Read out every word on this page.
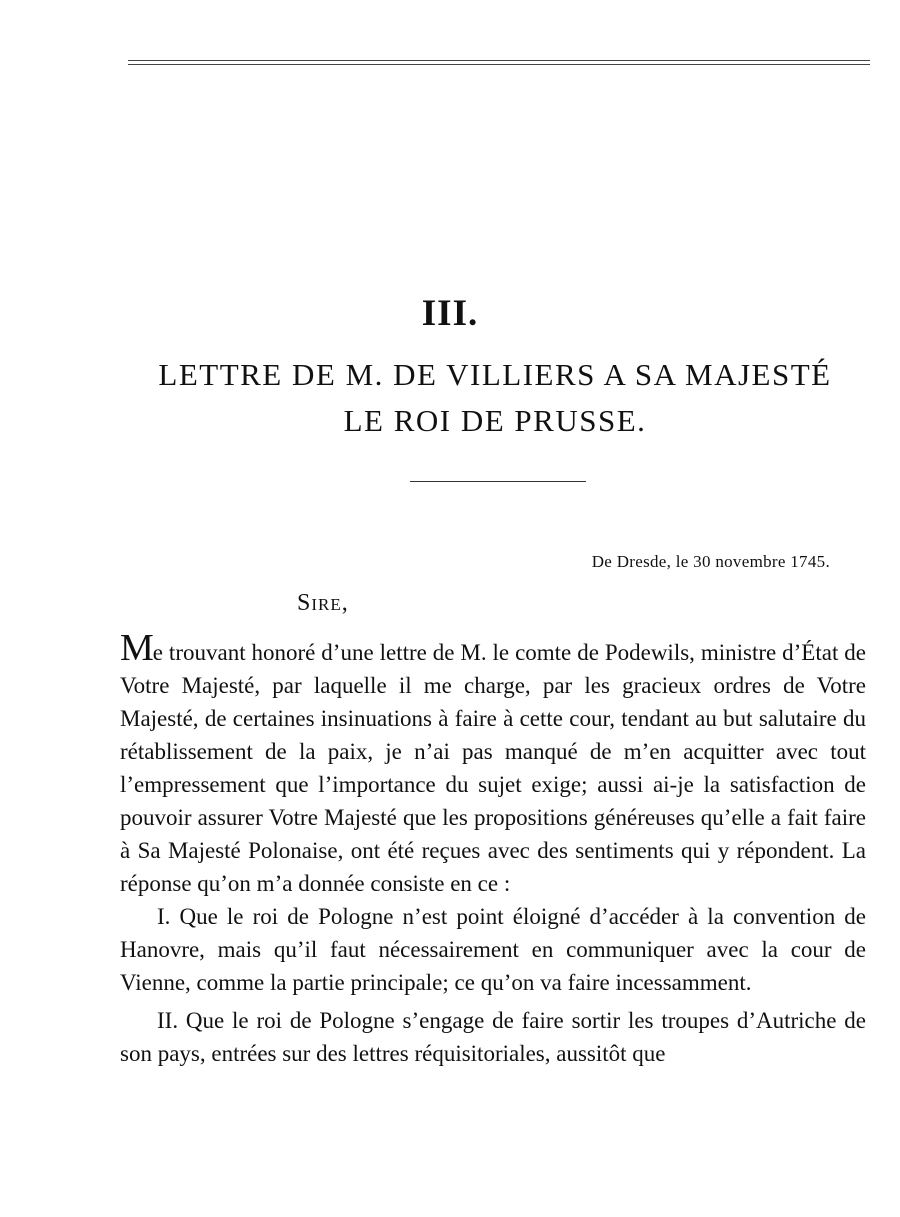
III.
LETTRE DE M. DE VILLIERS A SA MAJESTÉ
LE ROI DE PRUSSE.
De Dresde, le 30 novembre 1745.
Sire,

Me trouvant honoré d’une lettre de M. le comte de Podewils, ministre d’État de Votre Majesté, par laquelle il me charge, par les gracieux ordres de Votre Majesté, de certaines insinuations à faire à cette cour, tendant au but salutaire du rétablissement de la paix, je n’ai pas manqué de m’en acquitter avec tout l’empressement que l’importance du sujet exige; aussi ai-je la satisfaction de pouvoir assurer Votre Majesté que les propositions généreuses qu’elle a fait faire à Sa Majesté Polonaise, ont été reçues avec des sentiments qui y répondent. La réponse qu’on m’a donnée consiste en ce :

I. Que le roi de Pologne n’est point éloigné d’accéder à la convention de Hanovre, mais qu’il faut nécessairement en communiquer avec la cour de Vienne, comme la partie principale; ce qu’on va faire incessamment.

II. Que le roi de Pologne s’engage de faire sortir les troupes d’Autriche de son pays, entrées sur des lettres réquisitoriales, aussitôt que
